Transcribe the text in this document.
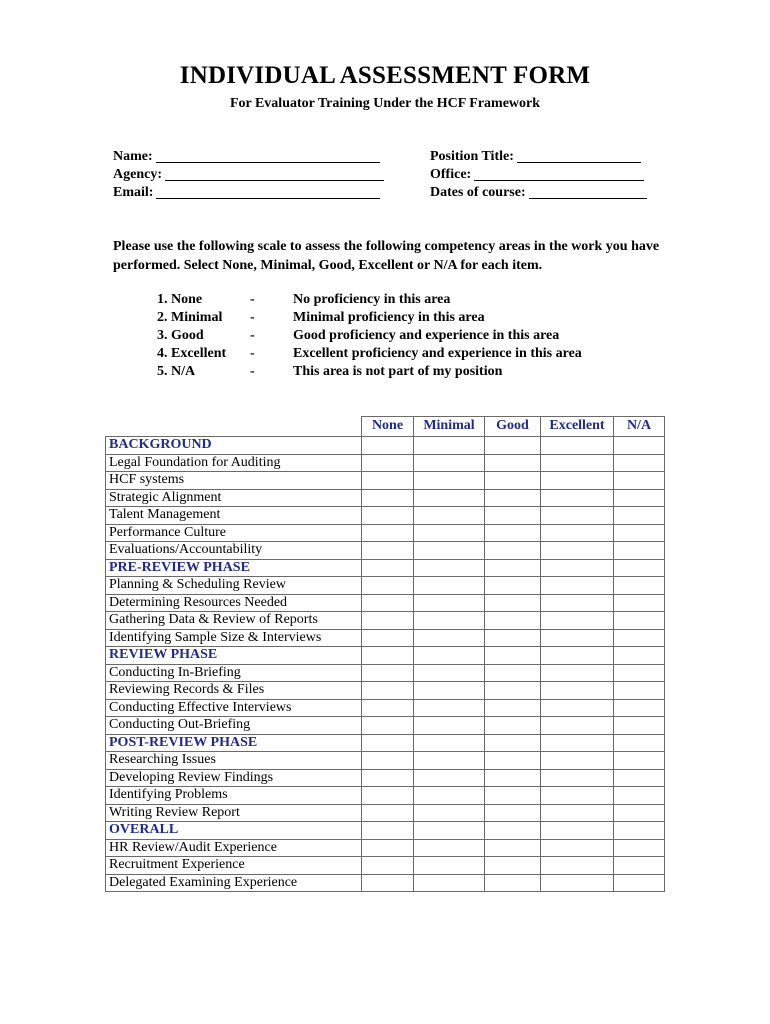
INDIVIDUAL ASSESSMENT FORM
For Evaluator Training Under the HCF Framework
Name:
Agency:
Email:
Position Title:
Office:
Dates of course:
Please use the following scale to assess the following competency areas in the work you have performed. Select None, Minimal, Good, Excellent or N/A for each item.
1. None	-	No proficiency in this area
2. Minimal	-	Minimal proficiency in this area
3. Good	-	Good proficiency and experience in this area
4. Excellent	-	Excellent proficiency and experience in this area
5. N/A	-	This area is not part of my position
	None	Minimal	Good	Excellent	N/A
BACKGROUND					
Legal Foundation for Auditing					
HCF systems					
Strategic Alignment					
Talent Management					
Performance Culture					
Evaluations/Accountability					
PRE-REVIEW PHASE					
Planning & Scheduling Review					
Determining Resources Needed					
Gathering Data & Review of Reports					
Identifying Sample Size & Interviews					
REVIEW PHASE					
Conducting In-Briefing					
Reviewing Records & Files					
Conducting Effective Interviews					
Conducting Out-Briefing					
POST-REVIEW PHASE					
Researching Issues					
Developing Review Findings					
Identifying Problems					
Writing Review Report					
OVERALL					
HR Review/Audit Experience					
Recruitment Experience					
Delegated Examining Experience					
